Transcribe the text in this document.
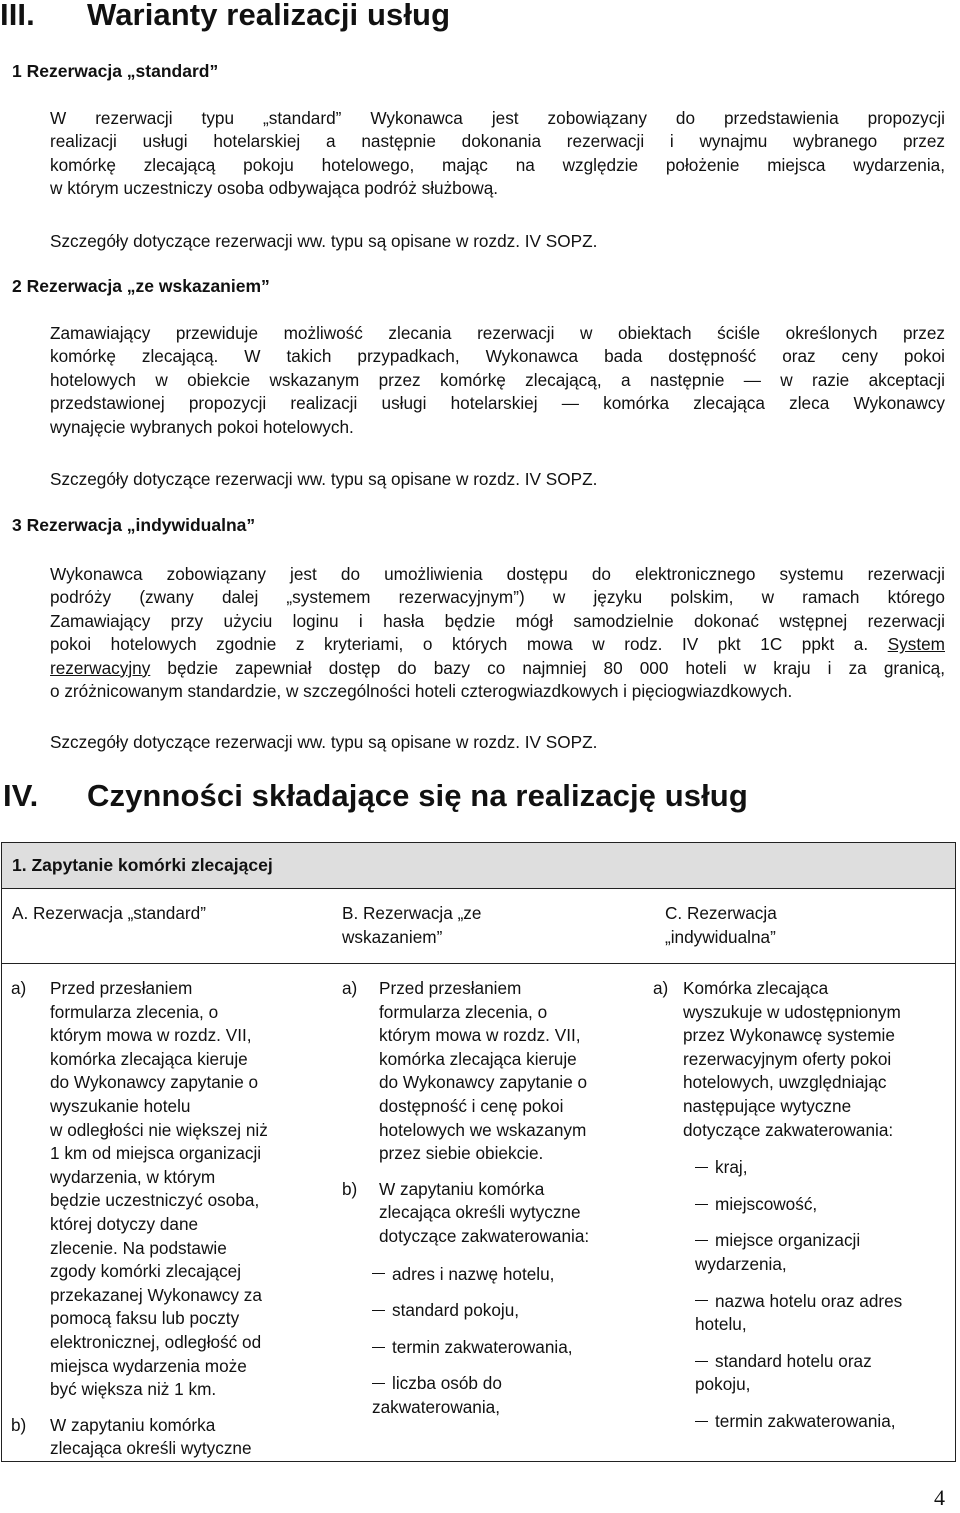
III. Warianty realizacji usług
1 Rezerwacja „standard”
W rezerwacji typu „standard” Wykonawca jest zobowiązany do przedstawienia propozycji
realizacji usługi hotelarskiej a następnie dokonania rezerwacji i wynajmu wybranego przez
komórkę zlecającą pokoju hotelowego, mając na względzie położenie miejsca wydarzenia,
w którym uczestniczy osoba odbywająca podróż służbową.
Szczegóły dotyczące rezerwacji ww. typu są opisane w rozdz. IV SOPZ.
2 Rezerwacja „ze wskazaniem”
Zamawiający przewiduje możliwość zlecania rezerwacji w obiektach ściśle określonych przez
komórkę zlecającą. W takich przypadkach, Wykonawca bada dostępność oraz ceny pokoi
hotelowych w obiekcie wskazanym przez komórkę zlecającą, a następnie — w razie akceptacji
przedstawionej propozycji realizacji usługi hotelarskiej — komórka zlecająca zleca Wykonawcy
wynajęcie wybranych pokoi hotelowych.
Szczegóły dotyczące rezerwacji ww. typu są opisane w rozdz. IV SOPZ.
3 Rezerwacja „indywidualna”
Wykonawca zobowiązany jest do umożliwienia dostępu do elektronicznego systemu rezerwacji
podróży (zwany dalej „systemem rezerwacyjnym”) w języku polskim, w ramach którego
Zamawiający przy użyciu loginu i hasła będzie mógł samodzielnie dokonać wstępnej rezerwacji
pokoi hotelowych zgodnie z kryteriami, o których mowa w rodz. IV pkt 1C ppkt a. System
rezerwacyjny będzie zapewniał dostęp do bazy co najmniej 80 000 hoteli w kraju i za granicą,
o zróżnicowanym standardzie, w szczególności hoteli czterogwiazdkowych i pięciogwiazdkowych.
Szczegóły dotyczące rezerwacji ww. typu są opisane w rozdz. IV SOPZ.
IV. Czynności składające się na realizację usług
1. Zapytanie komórki zlecającej
A. Rezerwacja „standard”	B. Rezerwacja „ze
wskazaniem”
C. Rezerwacja
„indywidualna”
a) Przed przesłaniem
formularza zlecenia, o
którym mowa w rozdz. VII,
komórka zlecająca kieruje
do Wykonawcy zapytanie o
wyszukanie hotelu
w odległości nie większej niż
1 km od miejsca organizacji
wydarzenia, w którym
będzie uczestniczyć osoba,
której dotyczy dane
zlecenie. Na podstawie
zgody komórki zlecającej
przekazanej Wykonawcy za
pomocą faksu lub poczty
elektronicznej, odległość od
miejsca wydarzenia może
być większa niż 1 km.
b) W zapytaniu komórka
zlecająca określi wytyczne
a) Przed przesłaniem
formularza zlecenia, o
którym mowa w rozdz. VII,
komórka zlecająca kieruje
do Wykonawcy zapytanie o
dostępność i cenę pokoi
hotelowych we wskazanym
przez siebie obiekcie.
b) W zapytaniu komórka
zlecająca określi wytyczne
dotyczące zakwaterowania:
adres i nazwę hotelu,
standard pokoju,
termin zakwaterowania,
liczba osób do
zakwaterowania,
a) Komórka zlecająca
wyszukuje w udostępnionym
przez Wykonawcę systemie
rezerwacyjnym oferty pokoi
hotelowych, uwzględniając
następujące wytyczne
dotyczące zakwaterowania:
kraj,
miejscowość,
miejsce organizacji
wydarzenia,
nazwa hotelu oraz adres
hotelu,
standard hotelu oraz
pokoju,
termin zakwaterowania,
4
